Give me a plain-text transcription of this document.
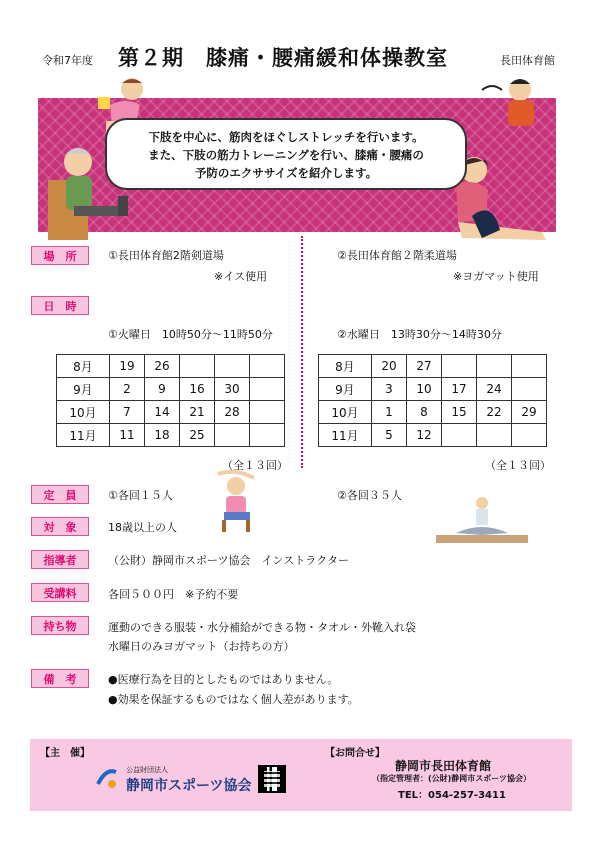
令和7年度 第２期　膝痛・腰痛緩和体操教室	長田体育館
下肢を中心に、筋肉をほぐしストレッチを行います。
また、下肢の筋力トレーニングを行い、膝痛・腰痛の
予防のエクササイズを紹介します。
場　所	①長田体育館2階剣道場
※イス使用
②長田体育館２階柔道場
※ヨガマット使用
日　時
①火曜日　10時50分～11時50分	②水曜日　13時30分～14時30分
8月	19	26			
9月	2	9	16	30	
10月	7	14	21	28	
11月	11	18	25		
8月	20	27			
9月	3	10	17	24	
10月	1	8	15	22	29
11月	5	12			
（全１３回）	（全１３回）
定　員	①各回１５人	②各回３５人
対　象	18歳以上の人
指導者	（公財）静岡市スポーツ協会　インストラクター
受講料	各回５００円　※予約不要
持ち物	運動のできる服装・水分補給ができる物・タオル・外靴入れ袋
水曜日のみヨガマット（お持ちの方）
備　考	●医療行為を目的としたものではありません。
●効果を保証するものではなく個人差があります。
【主　催】
公益財団法人
静岡市スポーツ協会
【お問合せ】
静岡市長田体育館
（指定管理者：(公財)静岡市スポーツ協会）
TEL：054-257-3411
